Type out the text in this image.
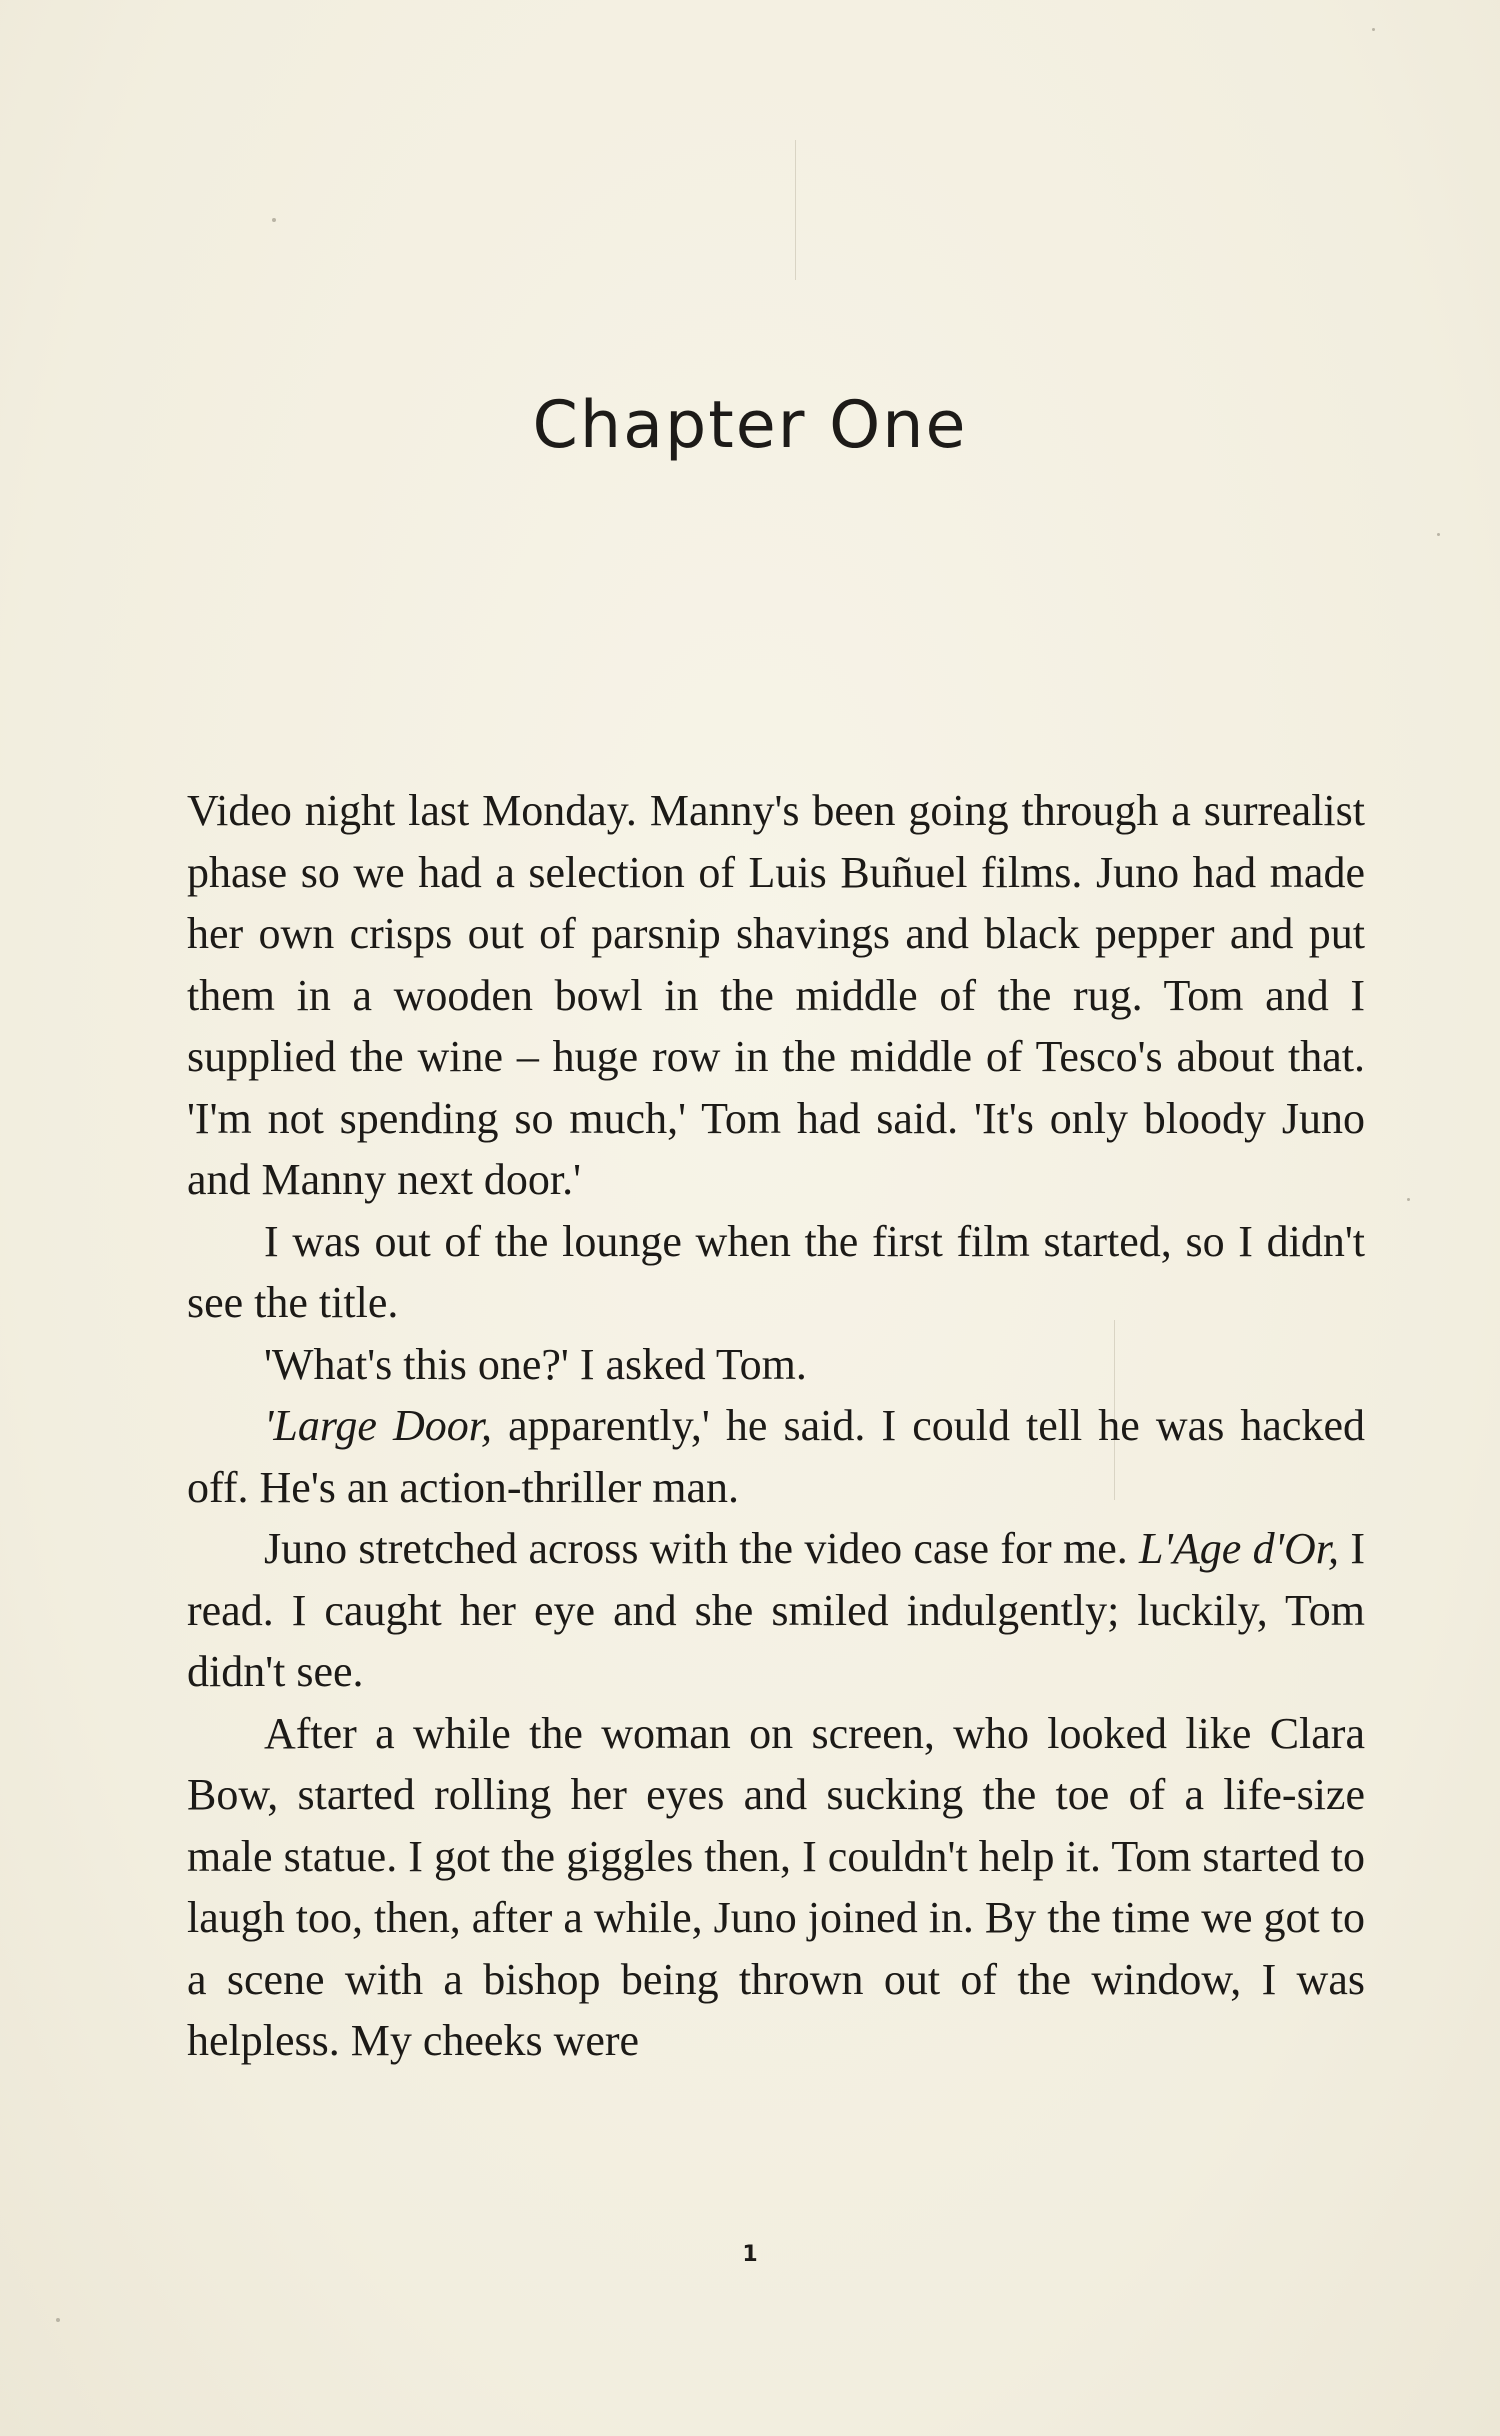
Chapter One

Video night last Monday. Manny's been going through a surrealist phase so we had a selection of Luis Buñuel films. Juno had made her own crisps out of parsnip shavings and black pepper and put them in a wooden bowl in the middle of the rug. Tom and I supplied the wine – huge row in the middle of Tesco's about that. 'I'm not spending so much,' Tom had said. 'It's only bloody Juno and Manny next door.'

I was out of the lounge when the first film started, so I didn't see the title.

'What's this one?' I asked Tom.

'Large Door, apparently,' he said. I could tell he was hacked off. He's an action-thriller man.

Juno stretched across with the video case for me. L'Age d'Or, I read. I caught her eye and she smiled indulgently; luckily, Tom didn't see.

After a while the woman on screen, who looked like Clara Bow, started rolling her eyes and sucking the toe of a life-size male statue. I got the giggles then, I couldn't help it. Tom started to laugh too, then, after a while, Juno joined in. By the time we got to a scene with a bishop being thrown out of the window, I was helpless. My cheeks were

1
